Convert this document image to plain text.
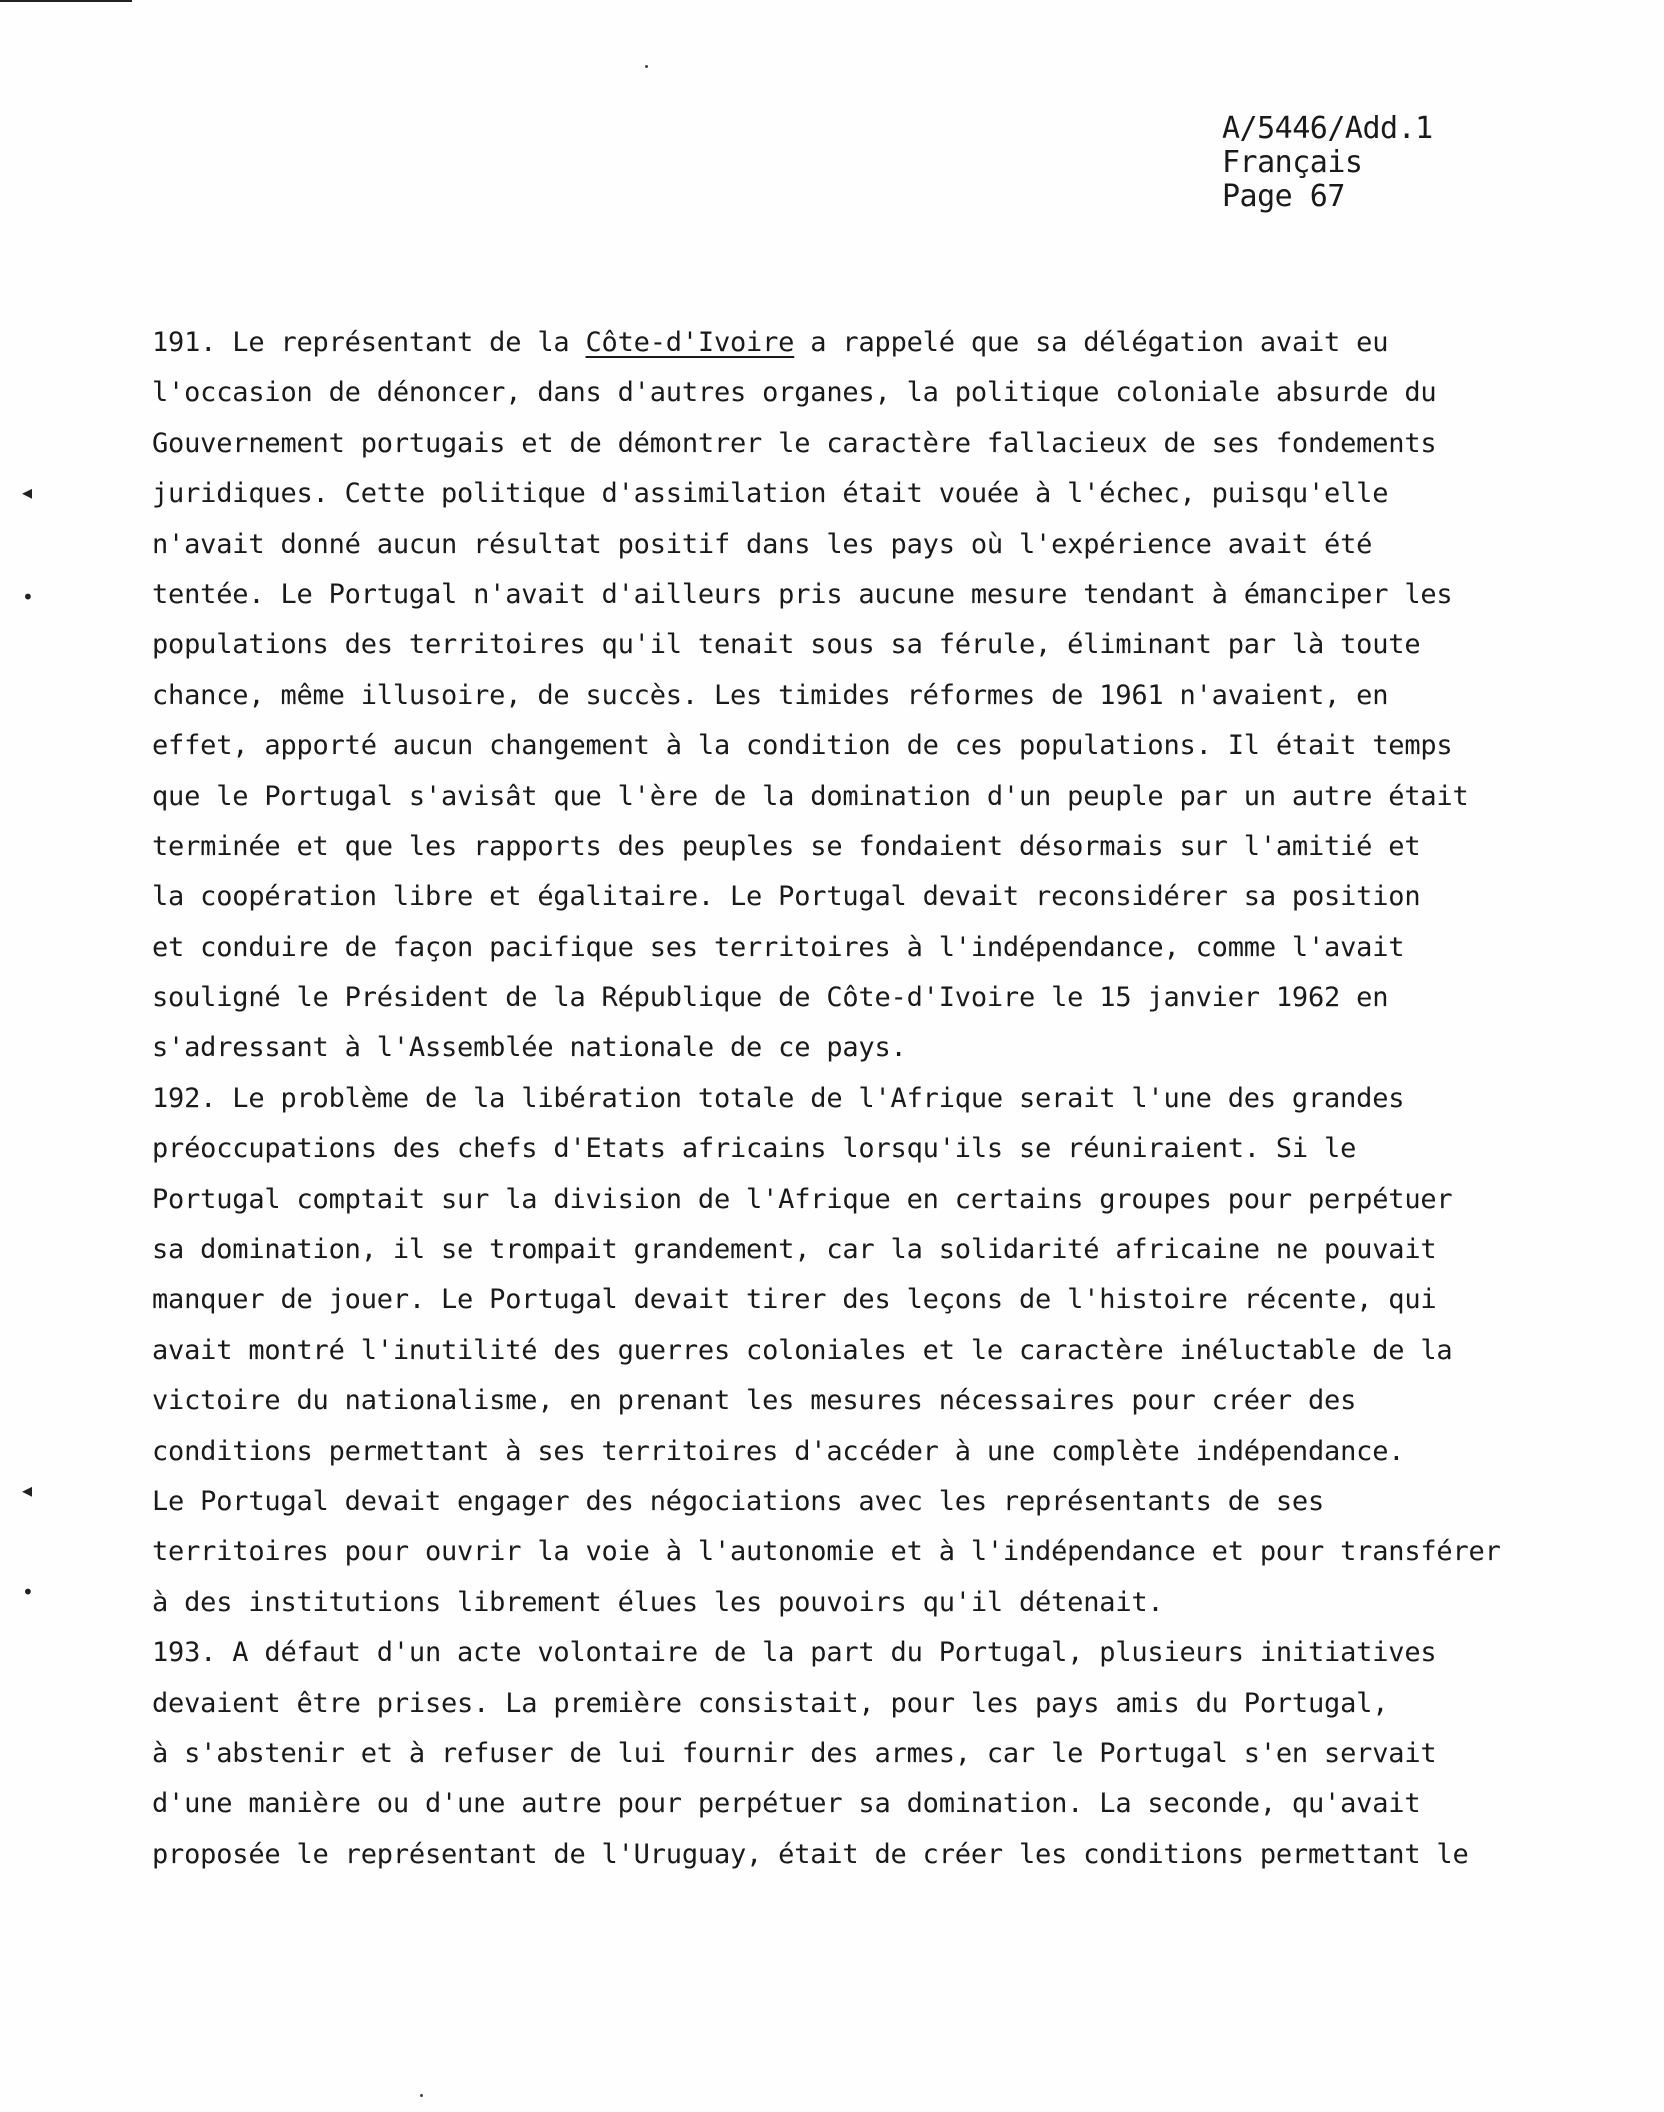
A/5446/Add.1
Français
Page 67
◂
•
◂
•
191. Le représentant de la Côte-d'Ivoire a rappelé que sa délégation avait eu
l'occasion de dénoncer, dans d'autres organes, la politique coloniale absurde du
Gouvernement portugais et de démontrer le caractère fallacieux de ses fondements
juridiques. Cette politique d'assimilation était vouée à l'échec, puisqu'elle
n'avait donné aucun résultat positif dans les pays où l'expérience avait été
tentée. Le Portugal n'avait d'ailleurs pris aucune mesure tendant à émanciper les
populations des territoires qu'il tenait sous sa férule, éliminant par là toute
chance, même illusoire, de succès. Les timides réformes de 1961 n'avaient, en
effet, apporté aucun changement à la condition de ces populations. Il était temps
que le Portugal s'avisât que l'ère de la domination d'un peuple par un autre était
terminée et que les rapports des peuples se fondaient désormais sur l'amitié et
la coopération libre et égalitaire. Le Portugal devait reconsidérer sa position
et conduire de façon pacifique ses territoires à l'indépendance, comme l'avait
souligné le Président de la République de Côte-d'Ivoire le 15 janvier 1962 en
s'adressant à l'Assemblée nationale de ce pays.
192. Le problème de la libération totale de l'Afrique serait l'une des grandes
préoccupations des chefs d'Etats africains lorsqu'ils se réuniraient. Si le
Portugal comptait sur la division de l'Afrique en certains groupes pour perpétuer
sa domination, il se trompait grandement, car la solidarité africaine ne pouvait
manquer de jouer. Le Portugal devait tirer des leçons de l'histoire récente, qui
avait montré l'inutilité des guerres coloniales et le caractère inéluctable de la
victoire du nationalisme, en prenant les mesures nécessaires pour créer des
conditions permettant à ses territoires d'accéder à une complète indépendance.
Le Portugal devait engager des négociations avec les représentants de ses
territoires pour ouvrir la voie à l'autonomie et à l'indépendance et pour transférer
à des institutions librement élues les pouvoirs qu'il détenait.
193. A défaut d'un acte volontaire de la part du Portugal, plusieurs initiatives
devaient être prises. La première consistait, pour les pays amis du Portugal,
à s'abstenir et à refuser de lui fournir des armes, car le Portugal s'en servait
d'une manière ou d'une autre pour perpétuer sa domination. La seconde, qu'avait
proposée le représentant de l'Uruguay, était de créer les conditions permettant le
